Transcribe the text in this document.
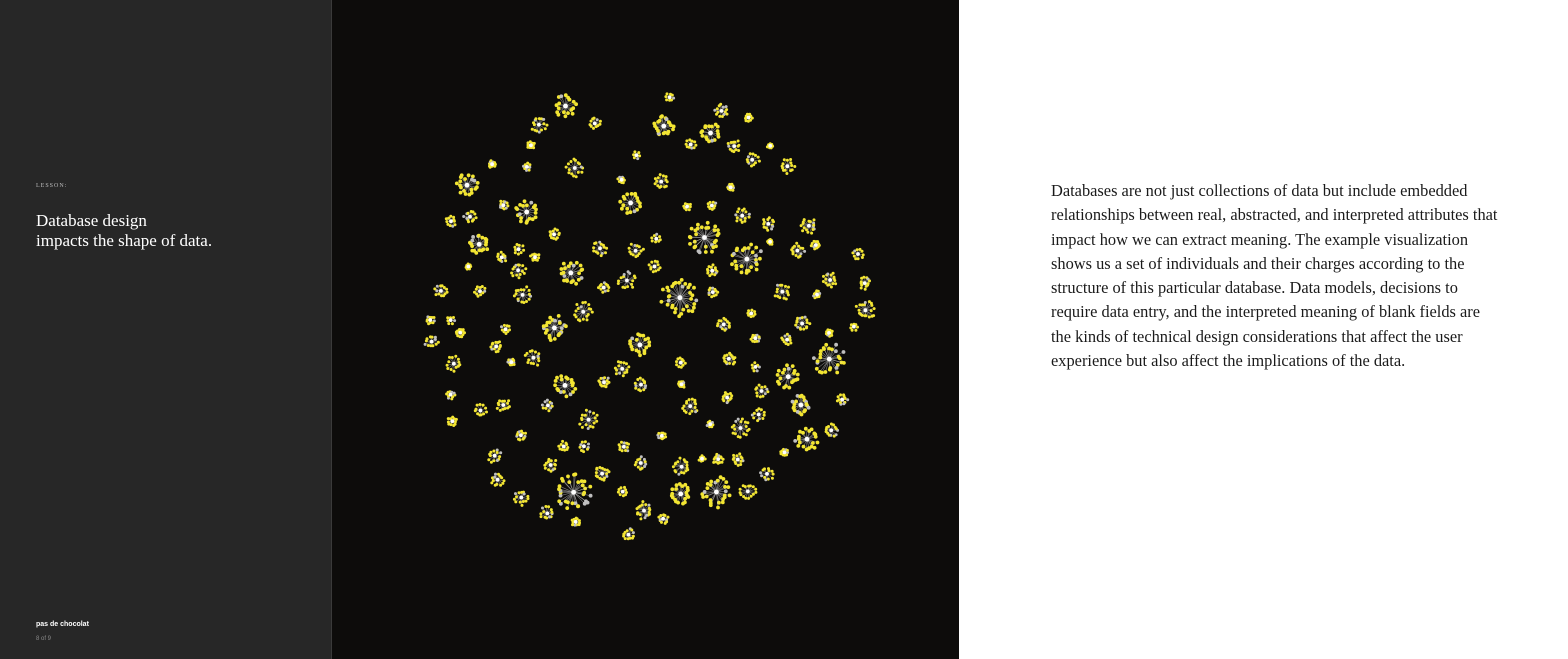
LESSON:
Database design
impacts the shape of data.
pas de chocolat
8 of 9

Databases are not just collections of data but include embedded relationships between real, abstracted, and interpreted attributes that impact how we can extract meaning. The example visualization shows us a set of individuals and their charges according to the structure of this particular database. Data models, decisions to require data entry, and the interpreted meaning of blank fields are the kinds of technical design considerations that affect the user experience but also affect the implications of the data.
